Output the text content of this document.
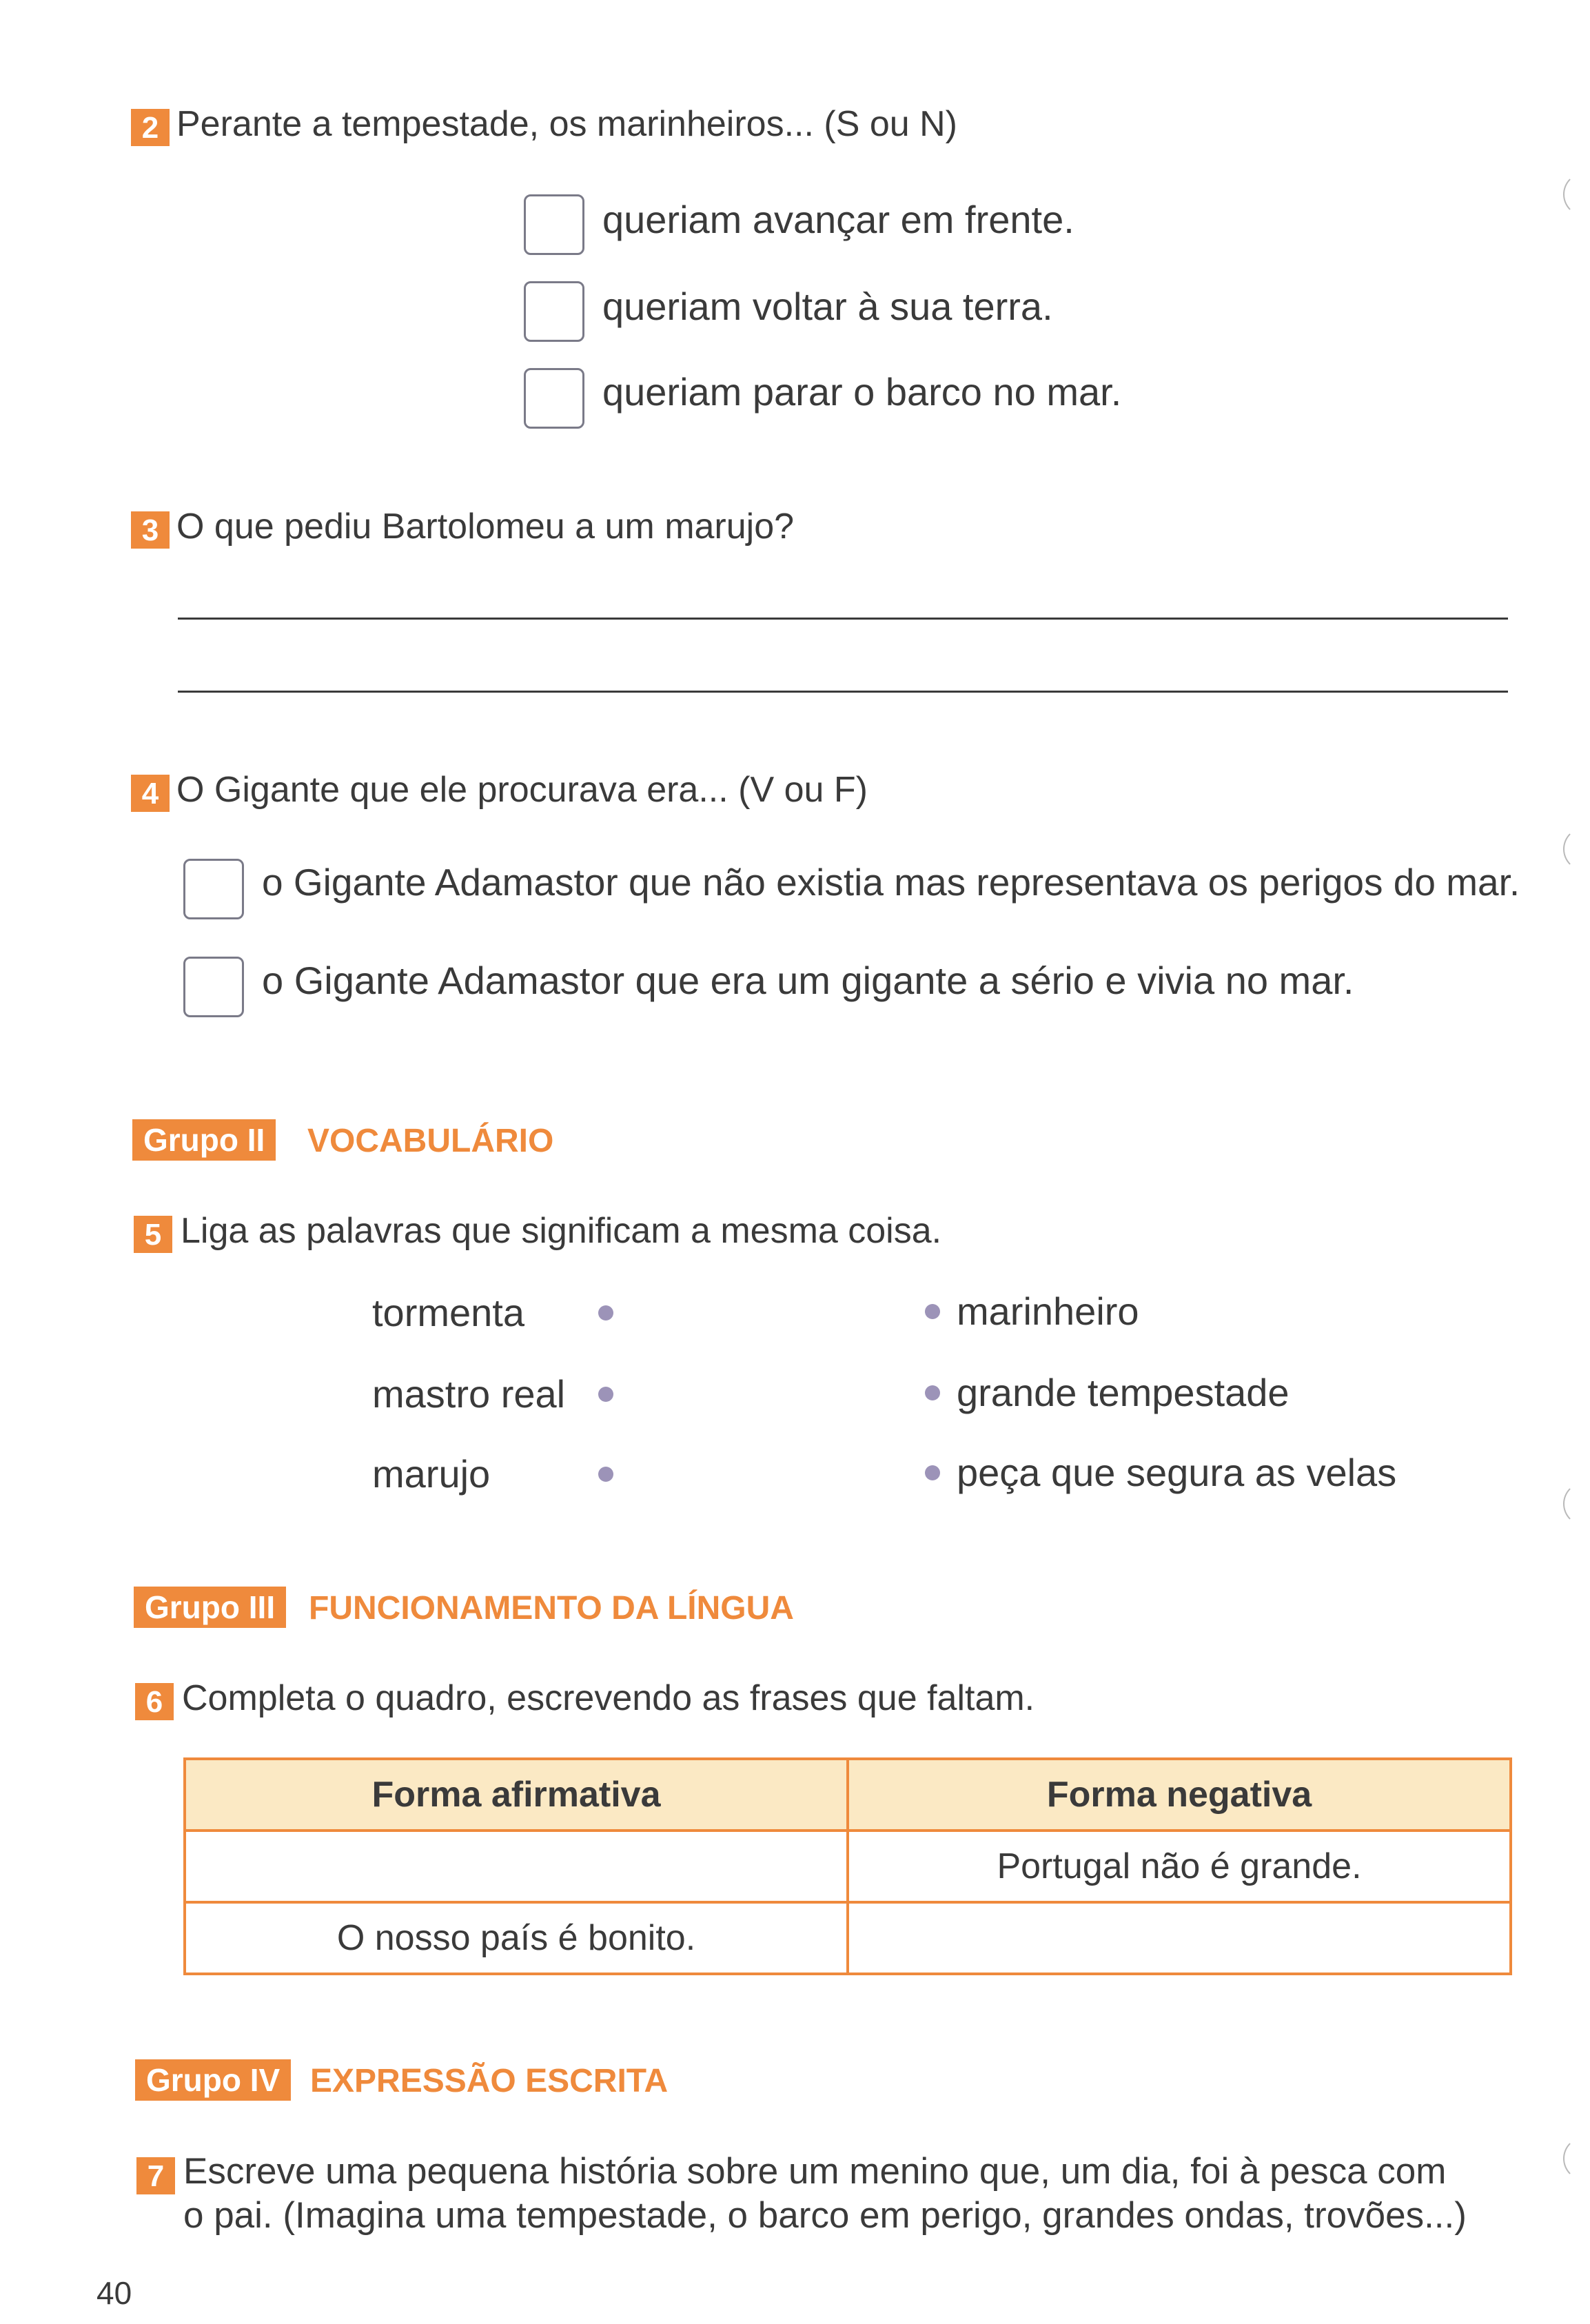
2 Perante a tempestade, os marinheiros... (S ou N)
queriam avançar em frente.
queriam voltar à sua terra.
queriam parar o barco no mar.
3 O que pediu Bartolomeu a um marujo?
4 O Gigante que ele procurava era... (V ou F)
o Gigante Adamastor que não existia mas representava os perigos do mar.
o Gigante Adamastor que era um gigante a sério e vivia no mar.
Grupo II	VOCABULÁRIO
5 Liga as palavras que significam a mesma coisa.
tormenta	marinheiro
mastro real	grande tempestade
marujo	peça que segura as velas
Grupo III	FUNCIONAMENTO DA LÍNGUA
6 Completa o quadro, escrevendo as frases que faltam.
Forma afirmativa	Forma negativa
	Portugal não é grande.
O nosso país é bonito.	
Grupo IV EXPRESSÃO ESCRITA
7 Escreve uma pequena história sobre um menino que, um dia, foi à pesca com
o pai. (Imagina uma tempestade, o barco em perigo, grandes ondas, trovões...)
40
